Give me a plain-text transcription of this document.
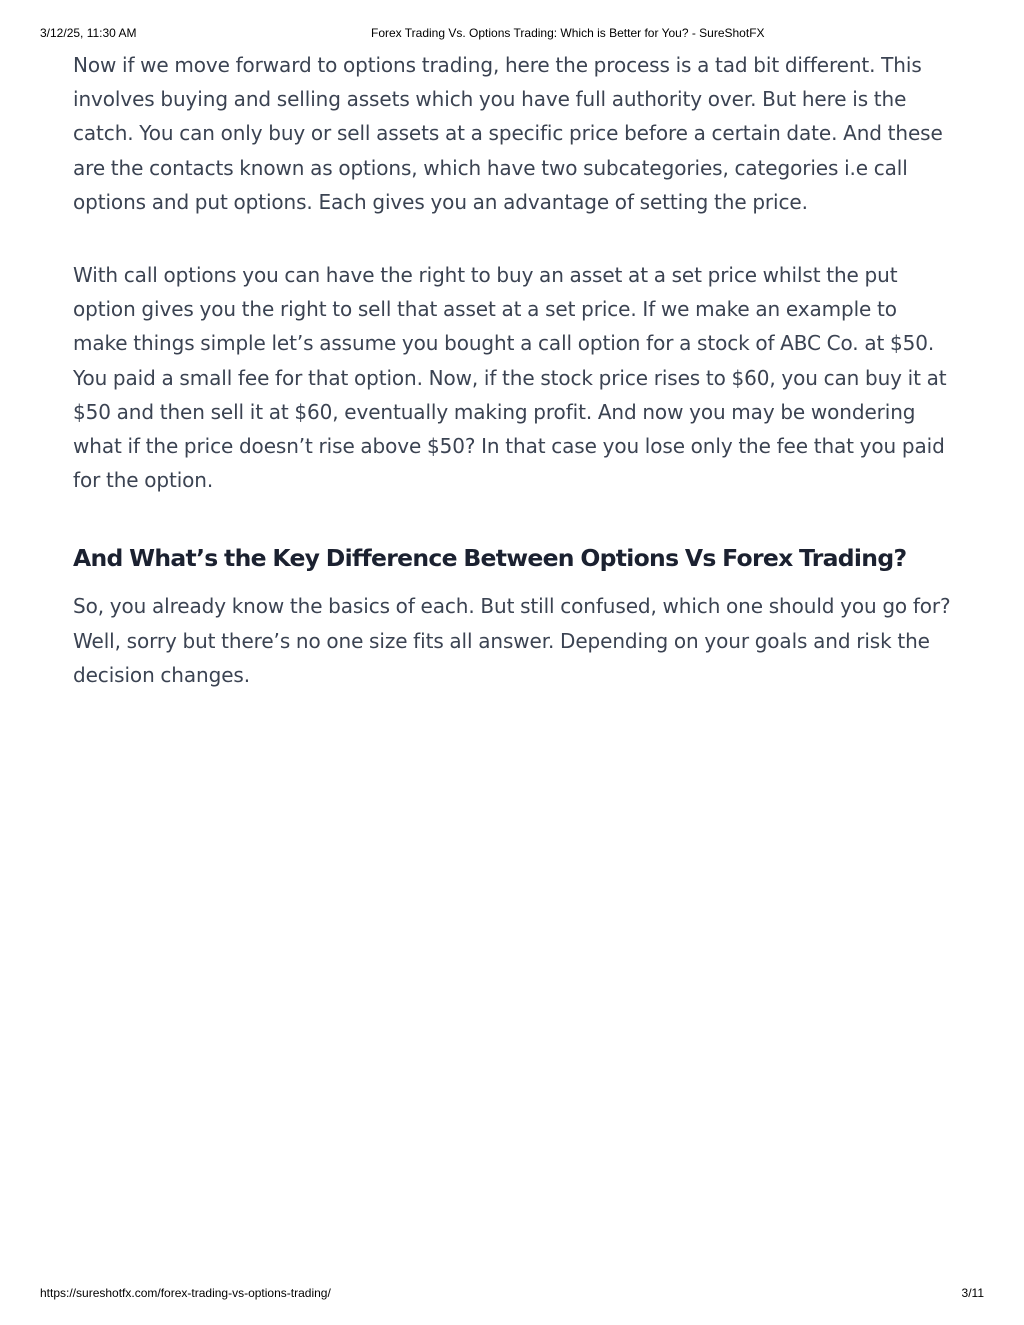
3/12/25, 11:30 AM	Forex Trading Vs. Options Trading: Which is Better for You? - SureShotFX

Now if we move forward to options trading, here the process is a tad bit different. This involves buying and selling assets which you have full authority over. But here is the catch. You can only buy or sell assets at a specific price before a certain date. And these are the contacts known as options, which have two subcategories, categories i.e call options and put options. Each gives you an advantage of setting the price.

With call options you can have the right to buy an asset at a set price whilst the put option gives you the right to sell that asset at a set price. If we make an example to make things simple let’s assume you bought a call option for a stock of ABC Co. at $50. You paid a small fee for that option. Now, if the stock price rises to $60, you can buy it at $50 and then sell it at $60, eventually making profit. And now you may be wondering what if the price doesn’t rise above $50? In that case you lose only the fee that you paid for the option.

And What’s the Key Difference Between Options Vs Forex Trading?

So, you already know the basics of each. But still confused, which one should you go for? Well, sorry but there’s no one size fits all answer. Depending on your goals and risk the decision changes.

https://sureshotfx.com/forex-trading-vs-options-trading/	3/11
